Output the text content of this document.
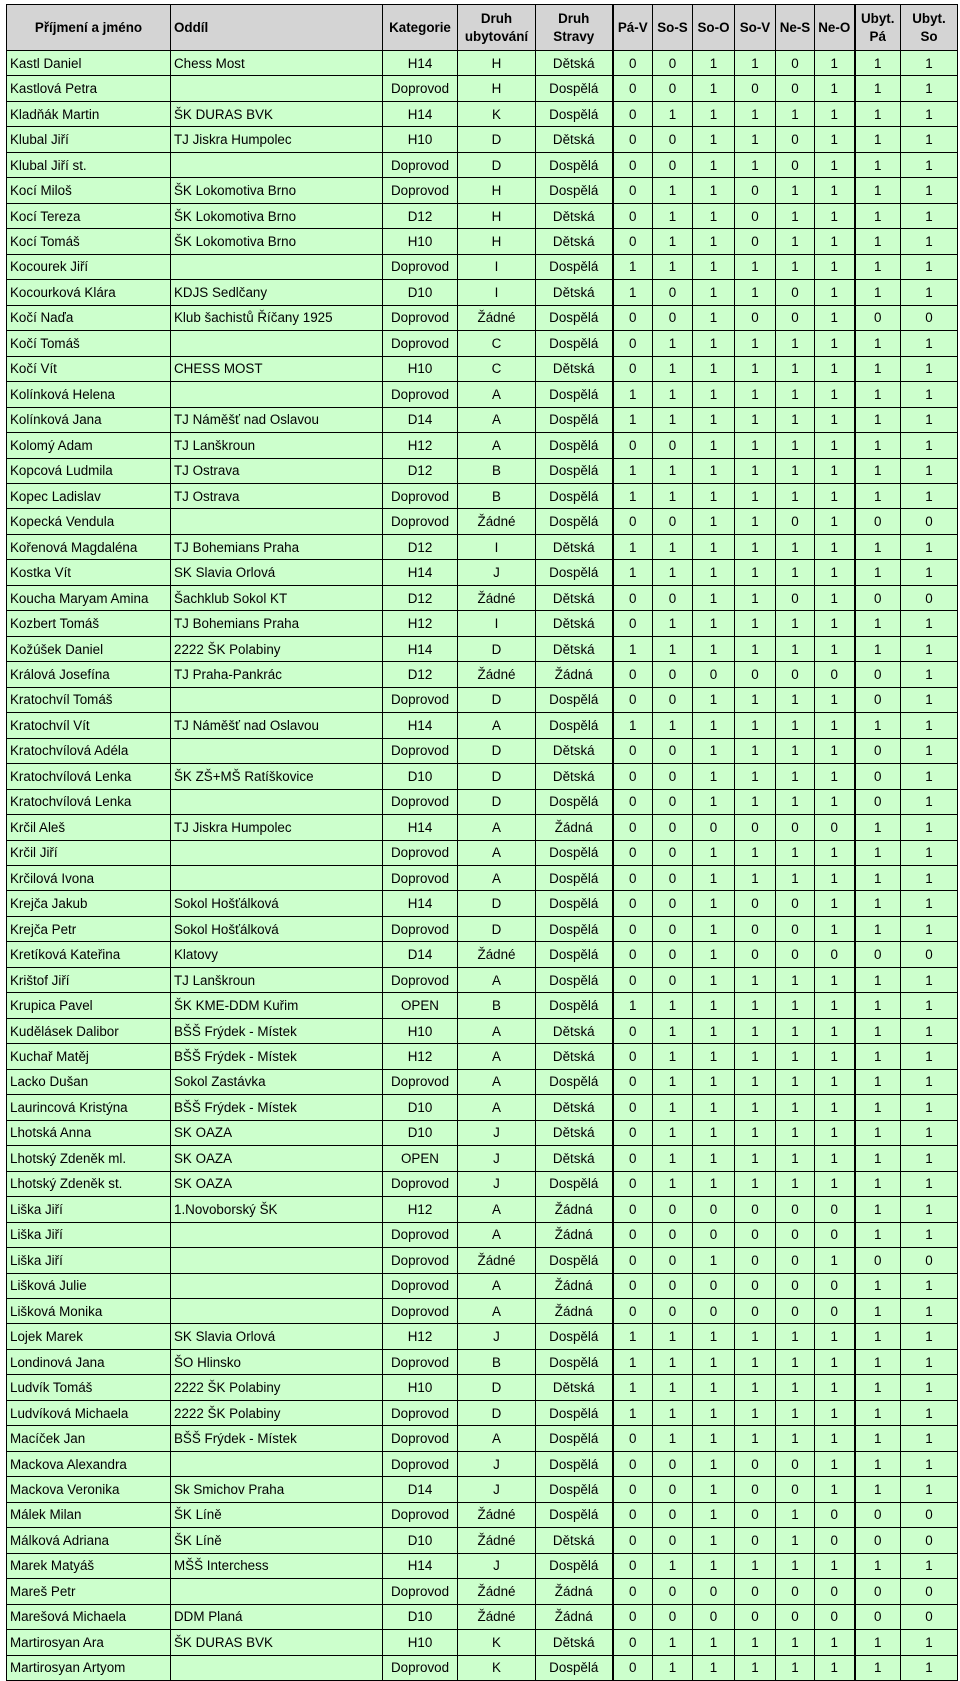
Příjmení a jméno	Oddíl	Kategorie	Druh ubytování	Druh Stravy	Pá-V	So-S	So-O	So-V	Ne-S	Ne-O	Ubyt. Pá	Ubyt. So
Kastl Daniel	Chess Most	H14	H	Dětská	0	0	1	1	0	1	1	1
Kastlová Petra		Doprovod	H	Dospělá	0	0	1	0	0	1	1	1
Kladňák Martin	ŠK DURAS BVK	H14	K	Dospělá	0	1	1	1	1	1	1	1
Klubal Jiří	TJ Jiskra Humpolec	H10	D	Dětská	0	0	1	1	0	1	1	1
Klubal Jiří st.		Doprovod	D	Dospělá	0	0	1	1	0	1	1	1
Kocí Miloš	ŠK Lokomotiva Brno	Doprovod	H	Dospělá	0	1	1	0	1	1	1	1
Kocí Tereza	ŠK Lokomotiva Brno	D12	H	Dětská	0	1	1	0	1	1	1	1
Kocí Tomáš	ŠK Lokomotiva Brno	H10	H	Dětská	0	1	1	0	1	1	1	1
Kocourek Jiří		Doprovod	I	Dospělá	1	1	1	1	1	1	1	1
Kocourková Klára	KDJS Sedlčany	D10	I	Dětská	1	0	1	1	0	1	1	1
Kočí Naďa	Klub šachistů Říčany 1925	Doprovod	Žádné	Dospělá	0	0	1	0	0	1	0	0
Kočí Tomáš		Doprovod	C	Dospělá	0	1	1	1	1	1	1	1
Kočí Vít	CHESS MOST	H10	C	Dětská	0	1	1	1	1	1	1	1
Kolínková Helena		Doprovod	A	Dospělá	1	1	1	1	1	1	1	1
Kolínková Jana	TJ Náměšť nad Oslavou	D14	A	Dospělá	1	1	1	1	1	1	1	1
Kolomý Adam	TJ Lanškroun	H12	A	Dospělá	0	0	1	1	1	1	1	1
Kopcová Ludmila	TJ Ostrava	D12	B	Dospělá	1	1	1	1	1	1	1	1
Kopec Ladislav	TJ Ostrava	Doprovod	B	Dospělá	1	1	1	1	1	1	1	1
Kopecká Vendula		Doprovod	Žádné	Dospělá	0	0	1	1	0	1	0	0
Kořenová Magdaléna	TJ Bohemians Praha	D12	I	Dětská	1	1	1	1	1	1	1	1
Kostka Vít	SK Slavia Orlová	H14	J	Dospělá	1	1	1	1	1	1	1	1
Koucha Maryam Amina	Šachklub Sokol KT	D12	Žádné	Dětská	0	0	1	1	0	1	0	0
Kozbert Tomáš	TJ Bohemians Praha	H12	I	Dětská	0	1	1	1	1	1	1	1
Kožúšek Daniel	2222 ŠK Polabiny	H14	D	Dětská	1	1	1	1	1	1	1	1
Králová Josefína	TJ Praha-Pankrác	D12	Žádné	Žádná	0	0	0	0	0	0	0	1
Kratochvíl Tomáš		Doprovod	D	Dospělá	0	0	1	1	1	1	0	1
Kratochvíl Vít	TJ Náměšť nad Oslavou	H14	A	Dospělá	1	1	1	1	1	1	1	1
Kratochvílová Adéla		Doprovod	D	Dětská	0	0	1	1	1	1	0	1
Kratochvílová Lenka	ŠK ZŠ+MŠ Ratíškovice	D10	D	Dětská	0	0	1	1	1	1	0	1
Kratochvílová Lenka		Doprovod	D	Dospělá	0	0	1	1	1	1	0	1
Krčil Aleš	TJ Jiskra Humpolec	H14	A	Žádná	0	0	0	0	0	0	1	1
Krčil Jiří		Doprovod	A	Dospělá	0	0	1	1	1	1	1	1
Krčilová Ivona		Doprovod	A	Dospělá	0	0	1	1	1	1	1	1
Krejča Jakub	Sokol Hošťálková	H14	D	Dospělá	0	0	1	0	0	1	1	1
Krejča Petr	Sokol Hošťálková	Doprovod	D	Dospělá	0	0	1	0	0	1	1	1
Kretíková Kateřina	Klatovy	D14	Žádné	Dospělá	0	0	1	0	0	0	0	0
Krištof Jiří	TJ Lanškroun	Doprovod	A	Dospělá	0	0	1	1	1	1	1	1
Krupica Pavel	ŠK KME-DDM Kuřim	OPEN	B	Dospělá	1	1	1	1	1	1	1	1
Kudělásek Dalibor	BŠŠ Frýdek - Místek	H10	A	Dětská	0	1	1	1	1	1	1	1
Kuchař Matěj	BŠŠ Frýdek - Místek	H12	A	Dětská	0	1	1	1	1	1	1	1
Lacko Dušan	Sokol Zastávka	Doprovod	A	Dospělá	0	1	1	1	1	1	1	1
Laurincová Kristýna	BŠŠ Frýdek - Místek	D10	A	Dětská	0	1	1	1	1	1	1	1
Lhotská Anna	SK OAZA	D10	J	Dětská	0	1	1	1	1	1	1	1
Lhotský Zdeněk ml.	SK OAZA	OPEN	J	Dětská	0	1	1	1	1	1	1	1
Lhotský Zdeněk st.	SK OAZA	Doprovod	J	Dospělá	0	1	1	1	1	1	1	1
Liška Jiří	1.Novoborský ŠK	H12	A	Žádná	0	0	0	0	0	0	1	1
Liška Jiří		Doprovod	A	Žádná	0	0	0	0	0	0	1	1
Liška Jiří		Doprovod	Žádné	Dospělá	0	0	1	0	0	1	0	0
Lišková Julie		Doprovod	A	Žádná	0	0	0	0	0	0	1	1
Lišková Monika		Doprovod	A	Žádná	0	0	0	0	0	0	1	1
Lojek Marek	SK Slavia Orlová	H12	J	Dospělá	1	1	1	1	1	1	1	1
Londinová Jana	ŠO Hlinsko	Doprovod	B	Dospělá	1	1	1	1	1	1	1	1
Ludvík Tomáš	2222 ŠK Polabiny	H10	D	Dětská	1	1	1	1	1	1	1	1
Ludvíková Michaela	2222 ŠK Polabiny	Doprovod	D	Dospělá	1	1	1	1	1	1	1	1
Macíček Jan	BŠŠ Frýdek - Místek	Doprovod	A	Dospělá	0	1	1	1	1	1	1	1
Mackova Alexandra		Doprovod	J	Dospělá	0	0	1	0	0	1	1	1
Mackova Veronika	Sk Smichov Praha	D14	J	Dospělá	0	0	1	0	0	1	1	1
Málek Milan	ŠK Líně	Doprovod	Žádné	Dospělá	0	0	1	0	1	0	0	0
Málková Adriana	ŠK Líně	D10	Žádné	Dětská	0	0	1	0	1	0	0	0
Marek Matyáš	MŠŠ Interchess	H14	J	Dospělá	0	1	1	1	1	1	1	1
Mareš Petr		Doprovod	Žádné	Žádná	0	0	0	0	0	0	0	0
Marešová Michaela	DDM Planá	D10	Žádné	Žádná	0	0	0	0	0	0	0	0
Martirosyan Ara	ŠK DURAS BVK	H10	K	Dětská	0	1	1	1	1	1	1	1
Martirosyan Artyom		Doprovod	K	Dospělá	0	1	1	1	1	1	1	1
